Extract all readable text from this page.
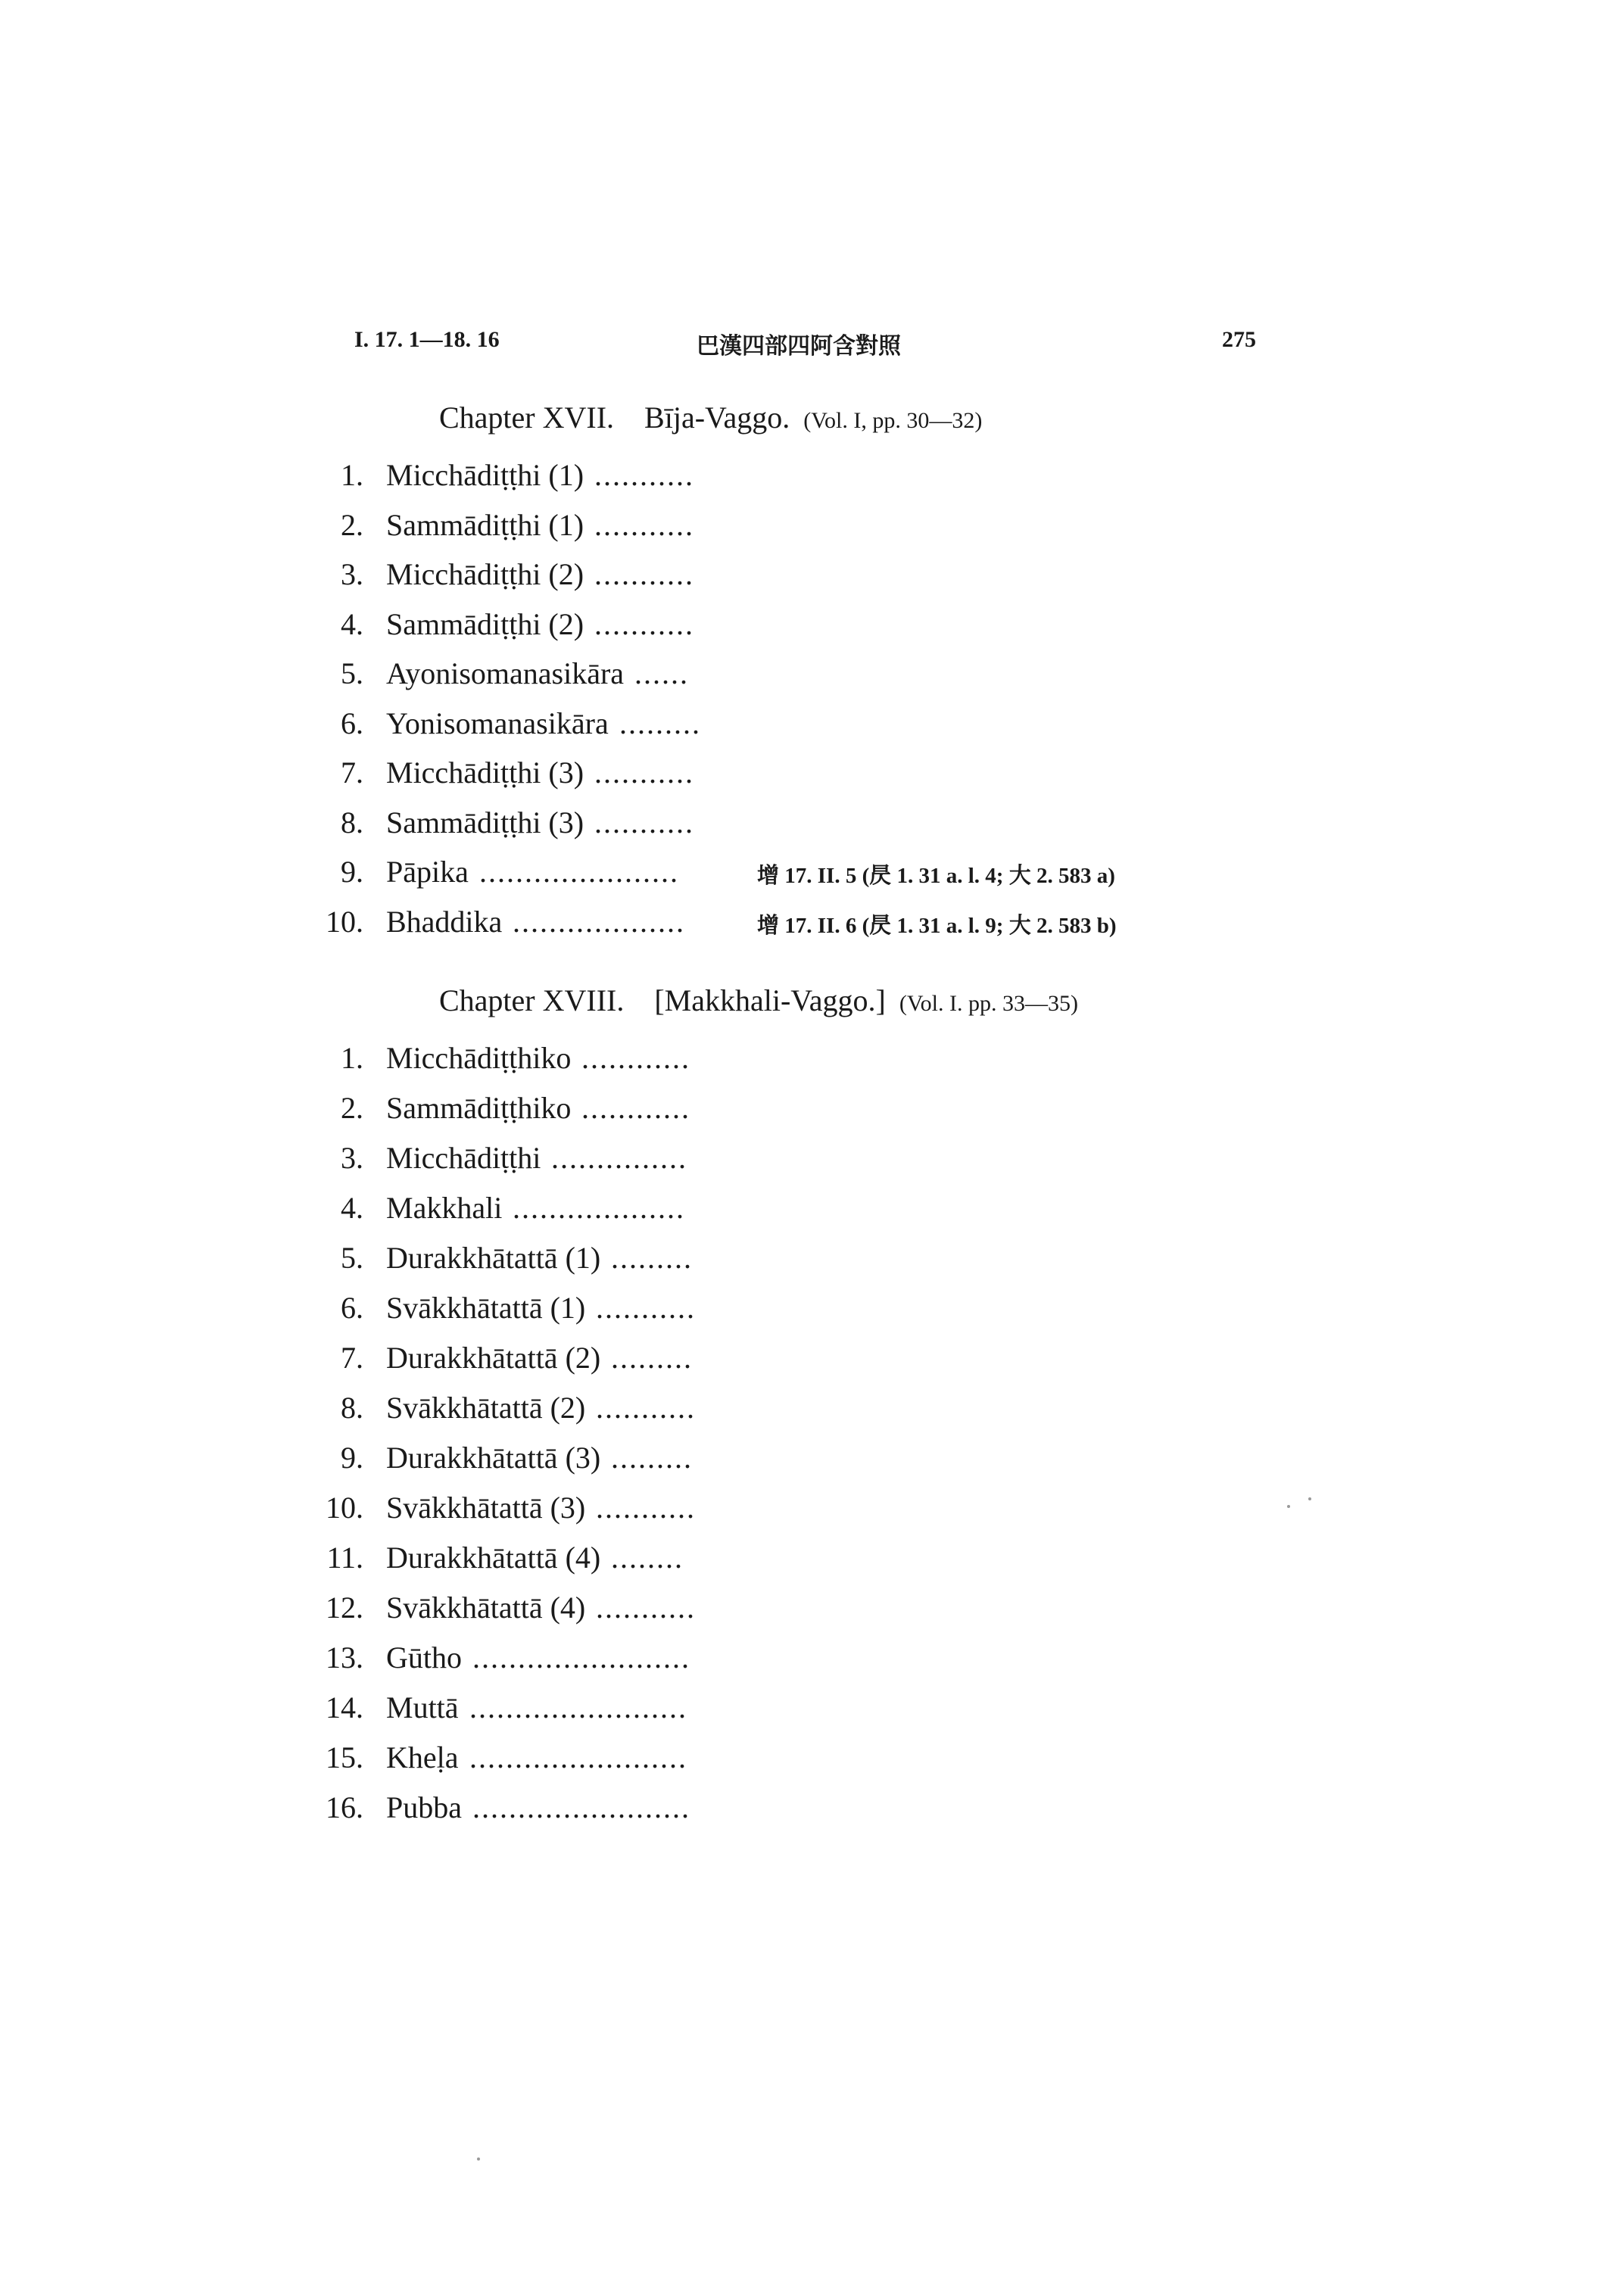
I. 17. 1—18. 16	巴漢四部四阿含對照	275
Chapter XVII. Bīja-Vaggo. (Vol. I, pp. 30—32)
1. Micchādiṭṭhi (1) ...........
2. Sammādiṭṭhi (1) ...........
3. Micchādiṭṭhi (2) ...........
4. Sammādiṭṭhi (2) ...........
5. Ayonisomanasikāra ......
6. Yonisomanasikāra .........
7. Micchādiṭṭhi (3) ...........
8. Sammādiṭṭhi (3) ...........
9. Pāpika ......................	增 17. II. 5 (昃 1. 31 a. l. 4; 大 2. 583 a)
10. Bhaddika ...................	增 17. II. 6 (昃 1. 31 a. l. 9; 大 2. 583 b)
Chapter XVIII. [Makkhali-Vaggo.] (Vol. I. pp. 33—35)
1. Micchādiṭṭhiko ............
2. Sammādiṭṭhiko ............
3. Micchādiṭṭhi ...............
4. Makkhali ...................
5. Durakkhātattā (1) .........
6. Svākkhātattā (1) ...........
7. Durakkhātattā (2) .........
8. Svākkhātattā (2) ...........
9. Durakkhātattā (3) .........
10. Svākkhātattā (3) ...........
11. Durakkhātattā (4) ........
12. Svākkhātattā (4) ...........
13. Gūtho ........................
14. Muttā ........................
15. Kheḷa ........................
16. Pubba ........................
